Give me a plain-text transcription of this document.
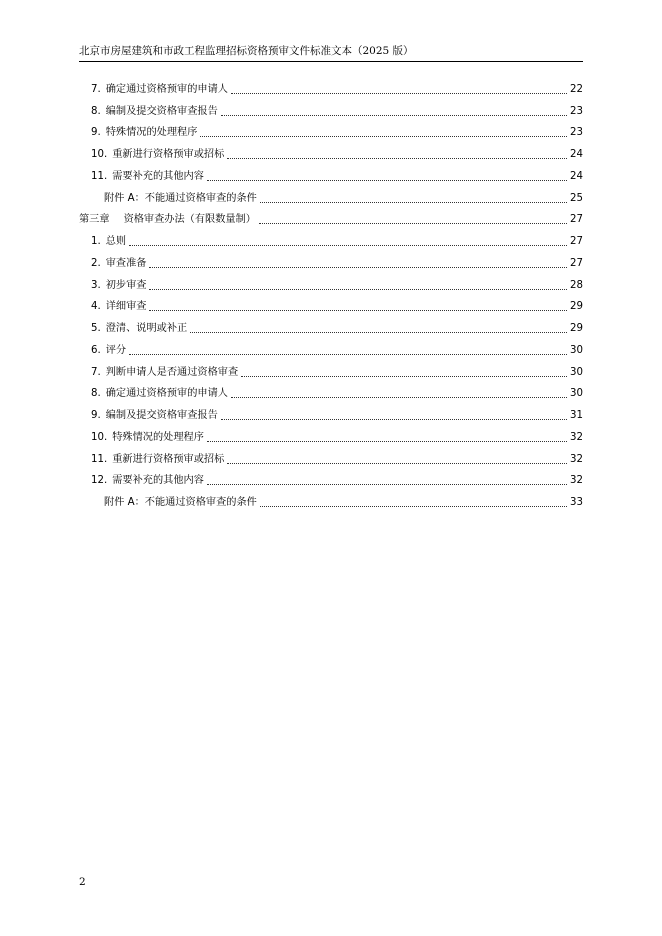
北京市房屋建筑和市政工程监理招标资格预审文件标准文本（2025 版）
7. 确定通过资格预审的申请人	22
8. 编制及提交资格审查报告	23
9. 特殊情况的处理程序	23
10. 重新进行资格预审或招标	24
11. 需要补充的其他内容	24
附件 A：不能通过资格审查的条件	25
第三章 资格审查办法（有限数量制）	27
1. 总则	27
2. 审查准备	27
3. 初步审查	28
4. 详细审查	29
5. 澄清、说明或补正	29
6. 评分	30
7. 判断申请人是否通过资格审查	30
8. 确定通过资格预审的申请人	30
9. 编制及提交资格审查报告	31
10. 特殊情况的处理程序	32
11. 重新进行资格预审或招标	32
12. 需要补充的其他内容	32
附件 A：不能通过资格审查的条件	33
2
